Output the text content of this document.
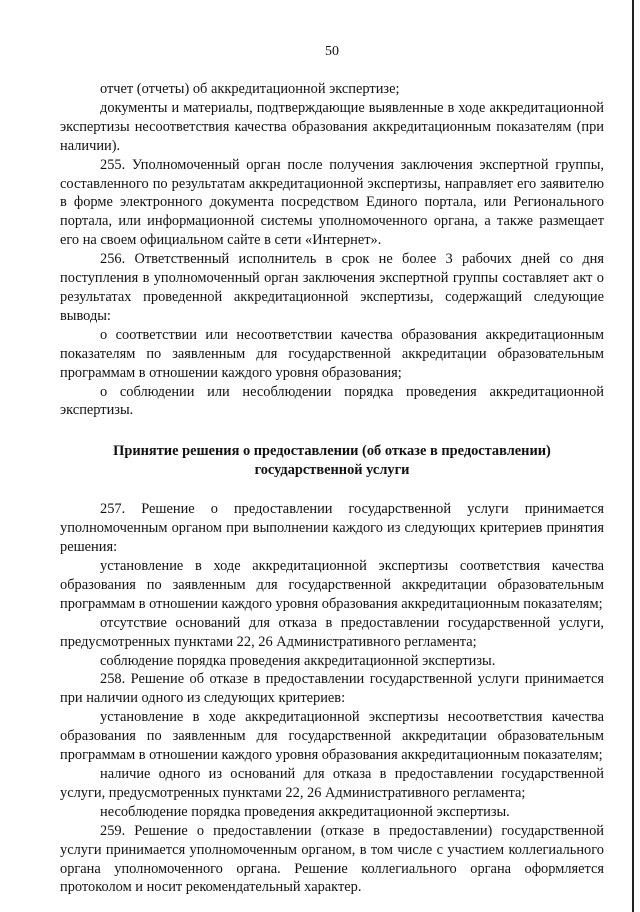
50

отчет (отчеты) об аккредитационной экспертизе;

документы и материалы, подтверждающие выявленные в ходе аккредитационной экспертизы несоответствия качества образования аккредитационным показателям (при наличии).

255. Уполномоченный орган после получения заключения экспертной группы, составленного по результатам аккредитационной экспертизы, направляет его заявителю в форме электронного документа посредством Единого портала, или Регионального портала, или информационной системы уполномоченного органа, а также размещает его на своем официальном сайте в сети «Интернет».

256. Ответственный исполнитель в срок не более 3 рабочих дней со дня поступления в уполномоченный орган заключения экспертной группы составляет акт о результатах проведенной аккредитационной экспертизы, содержащий следующие выводы:

о соответствии или несоответствии качества образования аккредитационным показателям по заявленным для государственной аккредитации образовательным программам в отношении каждого уровня образования;

о соблюдении или несоблюдении порядка проведения аккредитационной экспертизы.

Принятие решения о предоставлении (об отказе в предоставлении)
государственной услуги

257. Решение о предоставлении государственной услуги принимается уполномоченным органом при выполнении каждого из следующих критериев принятия решения:

установление в ходе аккредитационной экспертизы соответствия качества образования по заявленным для государственной аккредитации образовательным программам в отношении каждого уровня образования аккредитационным показателям;

отсутствие оснований для отказа в предоставлении государственной услуги, предусмотренных пунктами 22, 26 Административного регламента;

соблюдение порядка проведения аккредитационной экспертизы.

258. Решение об отказе в предоставлении государственной услуги принимается при наличии одного из следующих критериев:

установление в ходе аккредитационной экспертизы несоответствия качества образования по заявленным для государственной аккредитации образовательным программам в отношении каждого уровня образования аккредитационным показателям;

наличие одного из оснований для отказа в предоставлении государственной услуги, предусмотренных пунктами 22, 26 Административного регламента;

несоблюдение порядка проведения аккредитационной экспертизы.

259. Решение о предоставлении (отказе в предоставлении) государственной услуги принимается уполномоченным органом, в том числе с участием коллегиального органа уполномоченного органа. Решение коллегиального органа оформляется протоколом и носит рекомендательный характер.
